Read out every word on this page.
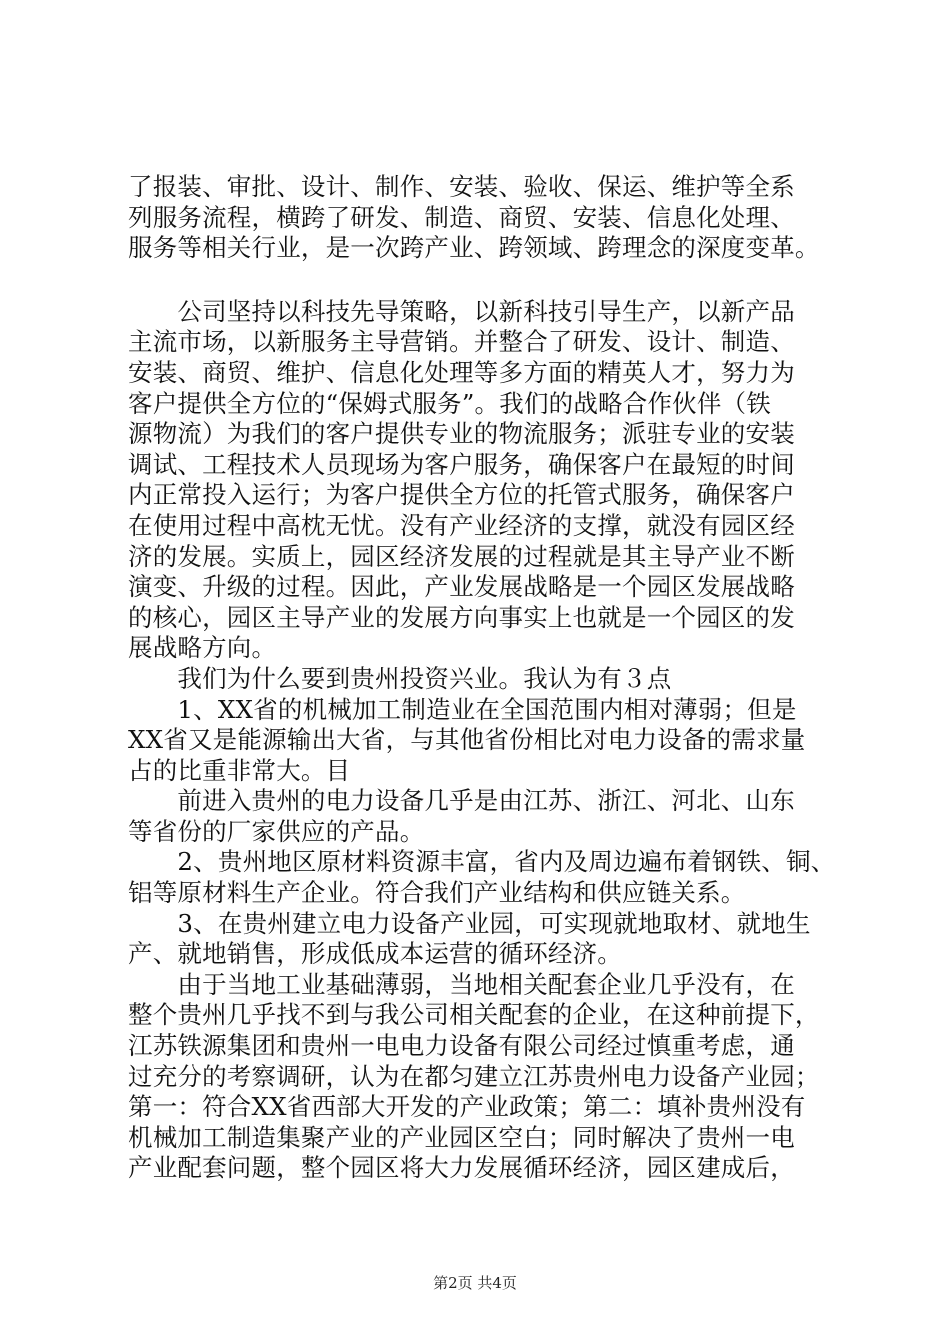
了报装、审批、设计、制作、安装、验收、保运、维护等全系
列服务流程，横跨了研发、制造、商贸、安装、信息化处理、
服务等相关行业，是一次跨产业、跨领域、跨理念的深度变革。
　　公司坚持以科技先导策略，以新科技引导生产，以新产品
主流市场，以新服务主导营销。并整合了研发、设计、制造、
安装、商贸、维护、信息化处理等多方面的精英人才，努力为
客户提供全方位的“保姆式服务”。我们的战略合作伙伴（铁
源物流）为我们的客户提供专业的物流服务；派驻专业的安装
调试、工程技术人员现场为客户服务，确保客户在最短的时间
内正常投入运行；为客户提供全方位的托管式服务，确保客户
在使用过程中高枕无忧。没有产业经济的支撑，就没有园区经
济的发展。实质上，园区经济发展的过程就是其主导产业不断
演变、升级的过程。因此，产业发展战略是一个园区发展战略
的核心，园区主导产业的发展方向事实上也就是一个园区的发
展战略方向。
　　我们为什么要到贵州投资兴业。我认为有３点
　　1、XX省的机械加工制造业在全国范围内相对薄弱；但是
XX省又是能源输出大省，与其他省份相比对电力设备的需求量
占的比重非常大。目
　　前进入贵州的电力设备几乎是由江苏、浙江、河北、山东
等省份的厂家供应的产品。
　　2、贵州地区原材料资源丰富，省内及周边遍布着钢铁、铜、
铝等原材料生产企业。符合我们产业结构和供应链关系。
　　3、在贵州建立电力设备产业园，可实现就地取材、就地生
产、就地销售，形成低成本运营的循环经济。
　　由于当地工业基础薄弱，当地相关配套企业几乎没有，在
整个贵州几乎找不到与我公司相关配套的企业，在这种前提下，
江苏铁源集团和贵州一电电力设备有限公司经过慎重考虑，通
过充分的考察调研，认为在都匀建立江苏贵州电力设备产业园；
第一：符合XX省西部大开发的产业政策；第二：填补贵州没有
机械加工制造集聚产业的产业园区空白；同时解决了贵州一电
产业配套问题，整个园区将大力发展循环经济，园区建成后，
第2页 共4页
